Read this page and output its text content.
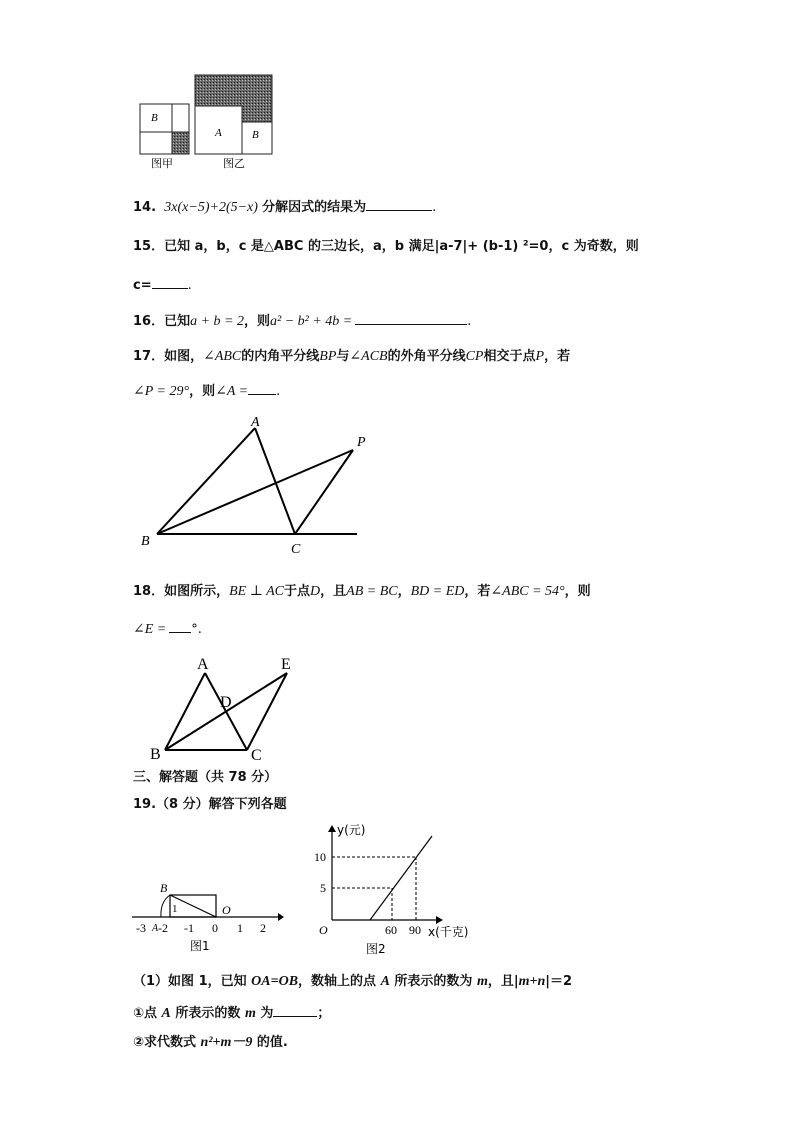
B
图甲
A	B
图乙
14. 3x(x−5)+2(5−x) 分解因式的结果为	.
15．已知 a，b，c 是△ABC 的三边长，a，b 满足|a-7|+ (b-1) ²=0，c 为奇数，则
c=	.
16．已知a + b = 2，则a² − b² + 4b =	.
17．如图，∠ABC的内角平分线BP与∠ACB的外角平分线CP相交于点P，若
∠P = 29°，则∠A = .
A
P
B
C
18．如图所示，BE ⊥ AC于点D，且AB = BC，BD = ED，若∠ABC = 54°，则
∠E = °.
A	E
D
B	C
三、解答题（共 78 分）
19.（8 分）解答下列各题
B
1	O
-3 A -2 -1 0 1 2
图1
y(元)
10
5
O	60 90 x(千克)
图2
（1）如图 1，已知 OA=OB，数轴上的点 A 所表示的数为 m，且|m+n|＝2
①点 A 所表示的数 m 为	；
②求代数式 n²+m－9 的值.
